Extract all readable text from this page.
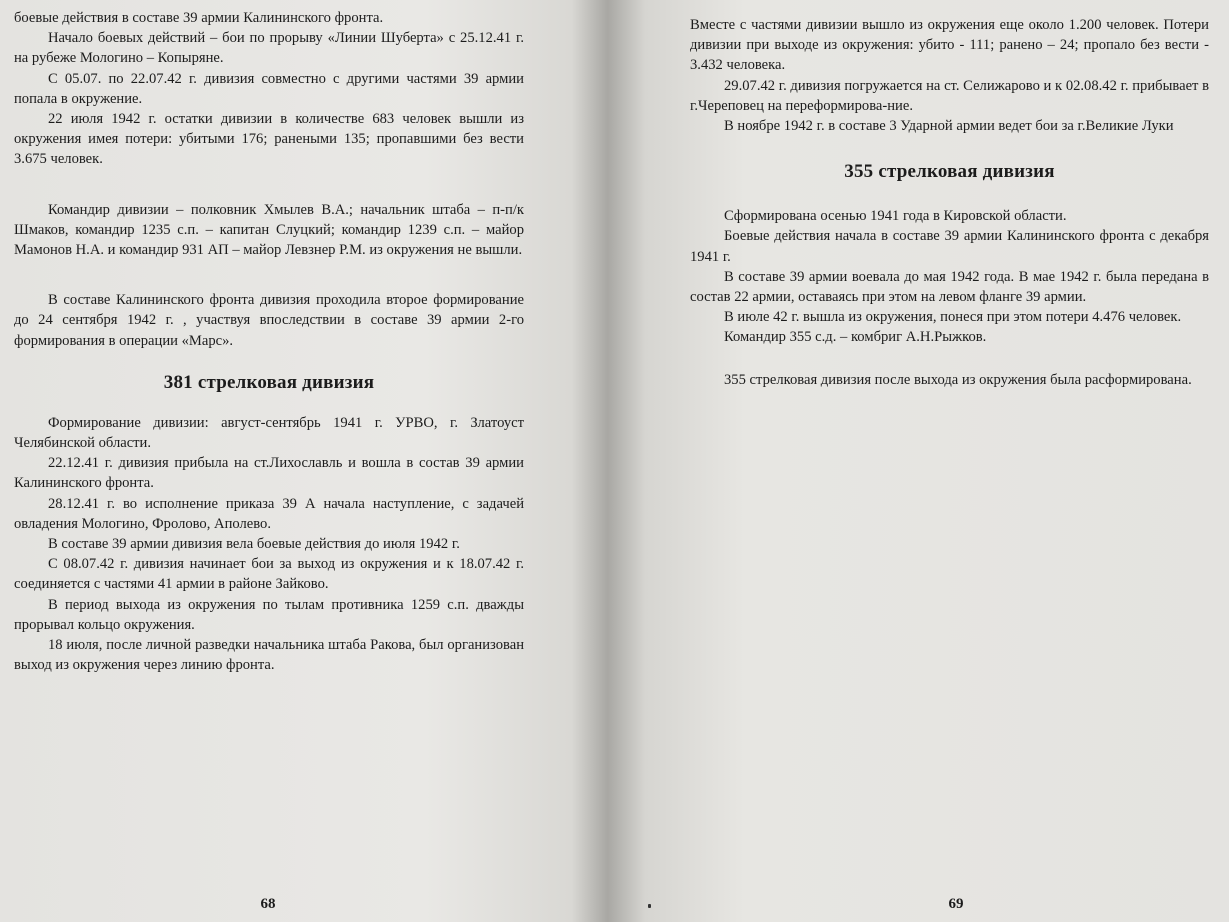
боевые действия в составе 39 армии Калининского фронта.

Начало боевых действий – бои по прорыву «Линии Шуберта» с 25.12.41 г. на рубеже Мологино – Копыряне.

С 05.07. по 22.07.42 г. дивизия совместно с другими частями 39 армии попала в окружение.

22 июля 1942 г. остатки дивизии в количестве 683 человек вышли из окружения имея потери: убитыми 176; ранеными 135; пропавшими без вести 3.675 человек.

Командир дивизии – полковник Хмылев В.А.; начальник штаба – п-п/к Шмаков, командир 1235 с.п. – капитан Слуцкий; командир 1239 с.п. – майор Мамонов Н.А. и командир 931 АП – майор Левзнер Р.М. из окружения не вышли.

В составе Калининского фронта дивизия проходила второе формирование до 24 сентября 1942 г. , участвуя впоследствии в составе 39 армии 2-го формирования в операции «Марс».

381 стрелковая дивизия

Формирование дивизии: август-сентябрь 1941 г. УРВО, г. Златоуст Челябинской области.

22.12.41 г. дивизия прибыла на ст.Лихославль и вошла в состав 39 армии Калининского фронта.

28.12.41 г. во исполнение приказа 39 А начала наступление, с задачей овладения Мологино, Фролово, Аполево.

В составе 39 армии дивизия вела боевые действия до июля 1942 г.

С 08.07.42 г. дивизия начинает бои за выход из окружения и к 18.07.42 г. соединяется с частями 41 армии в районе Зайково.

В период выхода из окружения по тылам противника 1259 с.п. дважды прорывал кольцо окружения.

18 июля, после личной разведки начальника штаба Ракова, был организован выход из окружения через линию фронта.

68

Вместе с частями дивизии вышло из окружения еще около 1.200 человек. Потери дивизии при выходе из окружения: убито - 111; ранено – 24; пропало без вести - 3.432 человека.

29.07.42 г. дивизия погружается на ст. Селижарово и к 02.08.42 г. прибывает в г.Череповец на переформирова-ние.

В ноябре 1942 г. в составе 3 Ударной армии ведет бои за г.Великие Луки

355 стрелковая дивизия

Сформирована осенью 1941 года в Кировской области.

Боевые действия начала в составе 39 армии Калининского фронта с декабря 1941 г.

В составе 39 армии воевала до мая 1942 года. В мае 1942 г. была передана в состав 22 армии, оставаясь при этом на левом фланге 39 армии.

В июле 42 г. вышла из окружения, понеся при этом потери 4.476 человек.

Командир 355 с.д. – комбриг А.Н.Рыжков.

355 стрелковая дивизия после выхода из окружения была расформирована.

69
